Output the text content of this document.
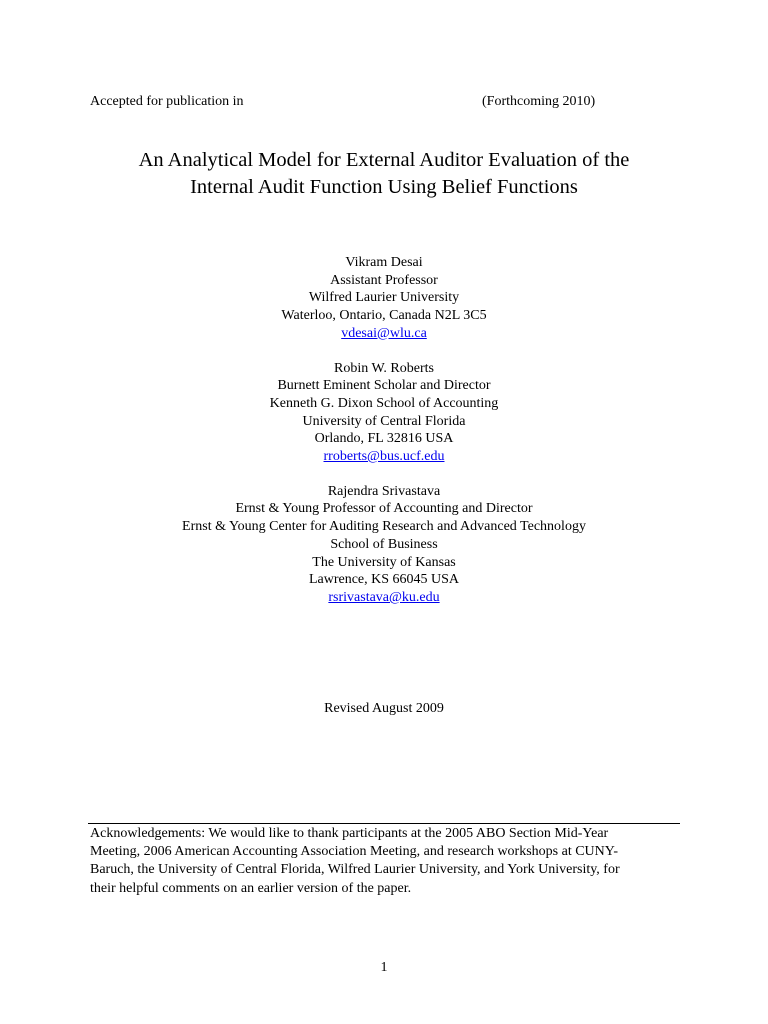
Accepted for publication in	(Forthcoming 2010)
An Analytical Model for External Auditor Evaluation of the
Internal Audit Function Using Belief Functions
Vikram Desai
Assistant Professor
Wilfred Laurier University
Waterloo, Ontario, Canada N2L 3C5
vdesai@wlu.ca
Robin W. Roberts
Burnett Eminent Scholar and Director
Kenneth G. Dixon School of Accounting
University of Central Florida
Orlando, FL 32816 USA
rroberts@bus.ucf.edu
Rajendra Srivastava
Ernst & Young Professor of Accounting and Director
Ernst & Young Center for Auditing Research and Advanced Technology
School of Business
The University of Kansas
Lawrence, KS 66045 USA
rsrivastava@ku.edu
Revised August 2009
Acknowledgements: We would like to thank participants at the 2005 ABO Section Mid-Year
Meeting, 2006 American Accounting Association Meeting, and research workshops at CUNY-
Baruch, the University of Central Florida, Wilfred Laurier University, and York University, for
their helpful comments on an earlier version of the paper.
1
